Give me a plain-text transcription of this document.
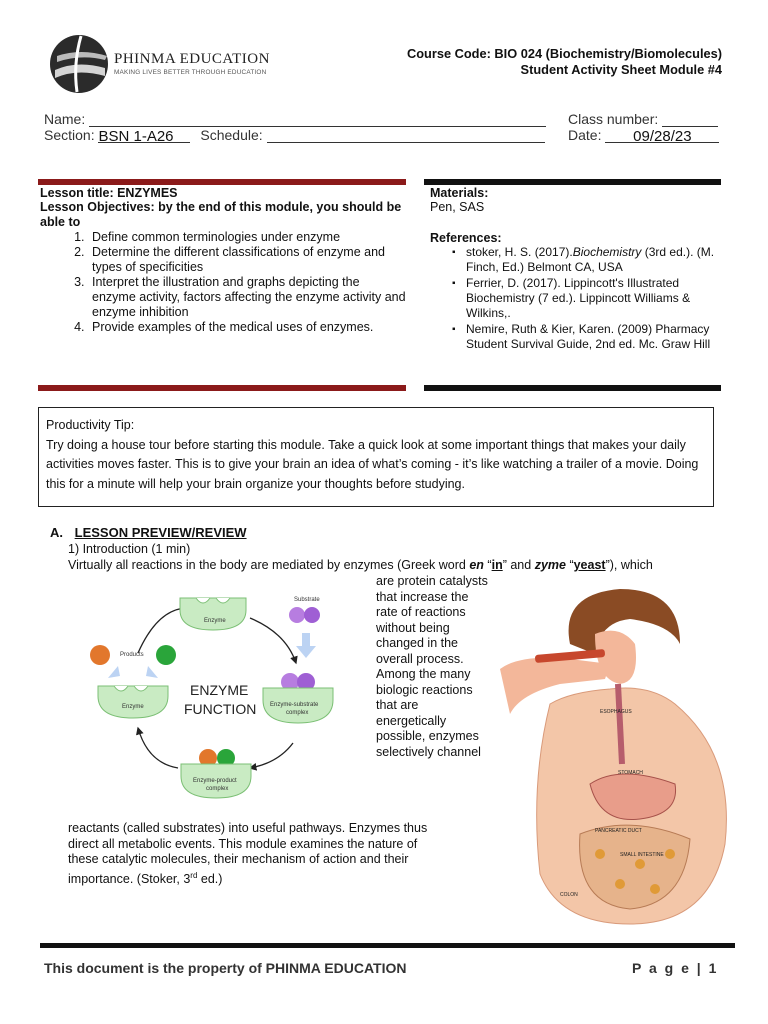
PHINMA EDUCATION
MAKING LIVES BETTER THROUGH EDUCATION
Course Code: BIO 024 (Biochemistry/Biomolecules)
Student Activity Sheet Module #4
Name:
Section: BSN 1-A26 Schedule:
Class number:
Date: 09/28/23
Lesson title: ENZYMES
Lesson Objectives: by the end of this module, you should be able to
1. Define common terminologies under enzyme
2. Determine the different classifications of enzyme and types of specificities
3. Interpret the illustration and graphs depicting the enzyme activity, factors affecting the enzyme activity and enzyme inhibition
4. Provide examples of the medical uses of enzymes.
Materials:
Pen, SAS
References:
▪ stoker, H. S. (2017).Biochemistry (3rd ed.). (M. Finch, Ed.) Belmont CA, USA
▪ Ferrier, D. (2017). Lippincott's Illustrated Biochemistry (7 ed.). Lippincott Williams & Wilkins,.
▪ Nemire, Ruth & Kier, Karen. (2009) Pharmacy Student Survival Guide, 2nd ed. Mc. Graw Hill
Productivity Tip:
Try doing a house tour before starting this module. Take a quick look at some important things that makes your daily activities moves faster. This is to give your brain an idea of what’s coming - it’s like watching a trailer of a movie. Doing this for a minute will help your brain organize your thoughts before studying.
A. LESSON PREVIEW/REVIEW
1) Introduction (1 min)
Virtually all reactions in the body are mediated by enzymes (Greek word en “in” and zyme “yeast”), which
are protein catalysts that increase the rate of reactions without being changed in the overall process. Among the many biologic reactions that are energetically possible, enzymes selectively channel
reactants (called substrates) into useful pathways. Enzymes thus direct all metabolic events. This module examines the nature of these catalytic molecules, their mechanism of action and their importance. (Stoker, 3rd ed.)
Enzyme
Substrate
Enzyme-substrate
complex
ENZYME
FUNCTION
Enzyme-product
complex
Products
Enzyme
ESOPHAGUS
STOMACH
PANCREATIC DUCT
SMALL INTESTINE
COLON
This document is the property of PHINMA EDUCATION	P a g e | 1
